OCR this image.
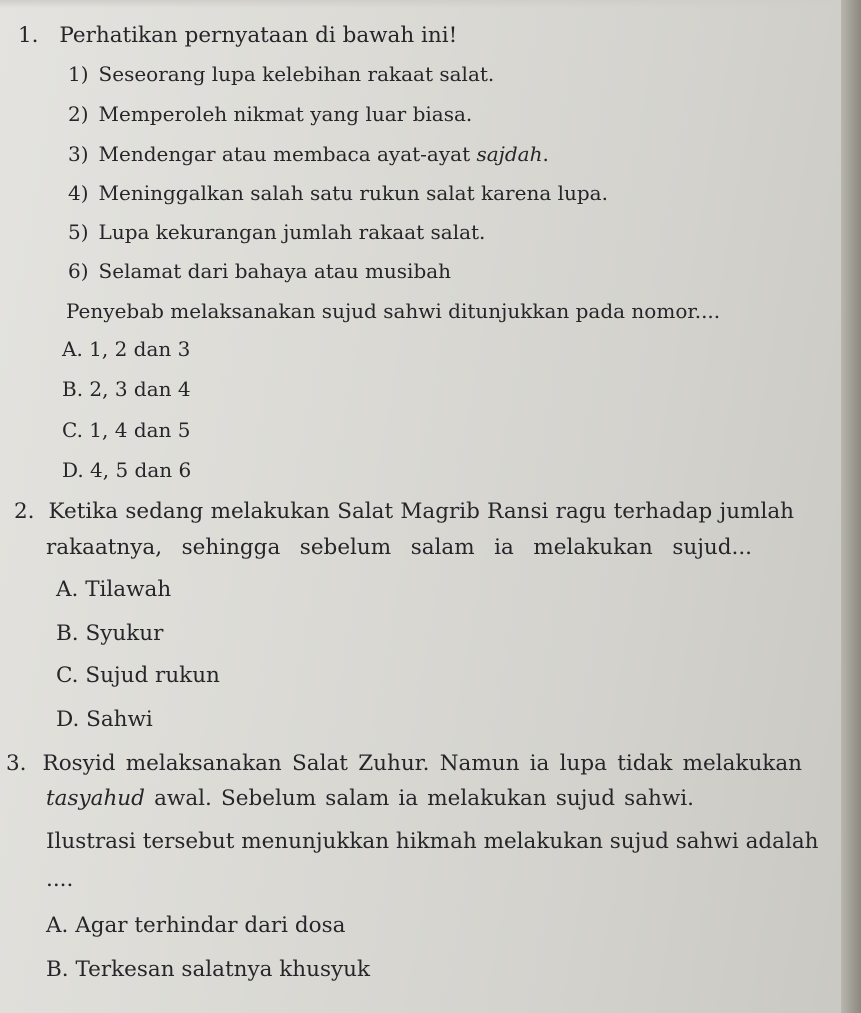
1. Perhatikan pernyataan di bawah ini!
1) Seseorang lupa kelebihan rakaat salat.
2) Memperoleh nikmat yang luar biasa.
3) Mendengar atau membaca ayat-ayat sajdah.
4) Meninggalkan salah satu rukun salat karena lupa.
5) Lupa kekurangan jumlah rakaat salat.
6) Selamat dari bahaya atau musibah
Penyebab melaksanakan sujud sahwi ditunjukkan pada nomor....
A. 1, 2 dan 3
B. 2, 3 dan 4
C. 1, 4 dan 5
D. 4, 5 dan 6
2. Ketika sedang melakukan Salat Magrib Ransi ragu terhadap jumlah
rakaatnya, sehingga sebelum salam ia melakukan sujud...
A. Tilawah
B. Syukur
C. Sujud rukun
D. Sahwi
3. Rosyid melaksanakan Salat Zuhur. Namun ia lupa tidak melakukan
tasyahud awal. Sebelum salam ia melakukan sujud sahwi.
Ilustrasi tersebut menunjukkan hikmah melakukan sujud sahwi adalah
....
A. Agar terhindar dari dosa
B. Terkesan salatnya khusyuk
